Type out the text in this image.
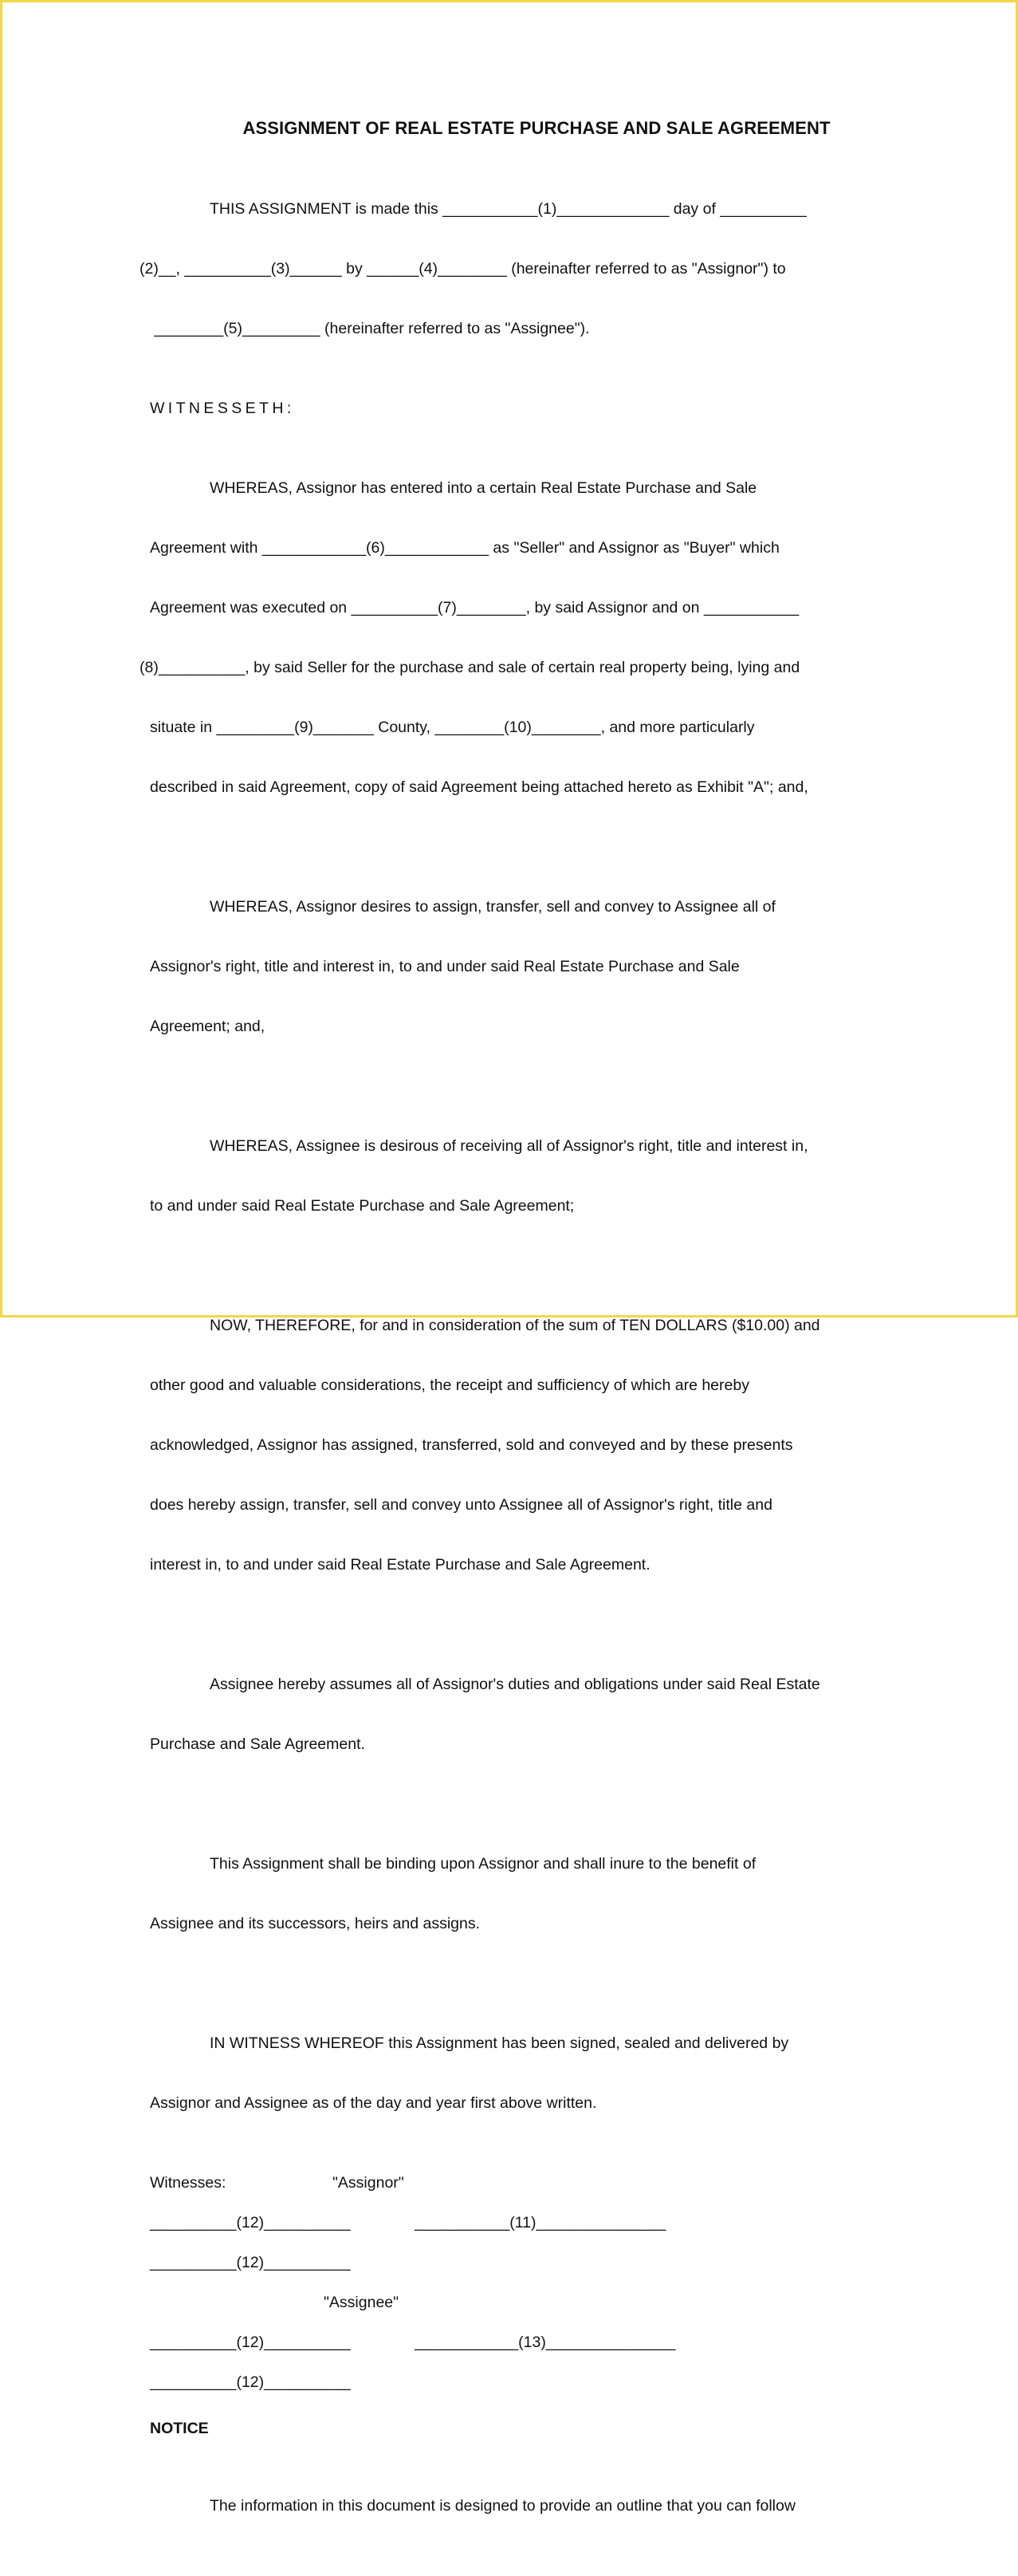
ASSIGNMENT OF REAL ESTATE PURCHASE AND SALE AGREEMENT

THIS ASSIGNMENT is made this ___________(1)_____________ day of __________

(2)__, __________(3)______ by ______(4)________ (hereinafter referred to as "Assignor") to

________(5)_________ (hereinafter referred to as "Assignee").

WITNESSETH:

WHEREAS, Assignor has entered into a certain Real Estate Purchase and Sale

Agreement with ____________(6)____________ as "Seller" and Assignor as "Buyer" which

Agreement was executed on __________(7)________, by said Assignor and on ___________

(8)__________, by said Seller for the purchase and sale of certain real property being, lying and

situate in _________(9)_______ County, ________(10)________, and more particularly

described in said Agreement, copy of said Agreement being attached hereto as Exhibit "A"; and,

WHEREAS, Assignor desires to assign, transfer, sell and convey to Assignee all of

Assignor's right, title and interest in, to and under said Real Estate Purchase and Sale

Agreement; and,

WHEREAS, Assignee is desirous of receiving all of Assignor's right, title and interest in,

to and under said Real Estate Purchase and Sale Agreement;

NOW, THEREFORE, for and in consideration of the sum of TEN DOLLARS ($10.00) and

other good and valuable considerations, the receipt and sufficiency of which are hereby

acknowledged, Assignor has assigned, transferred, sold and conveyed and by these presents

does hereby assign, transfer, sell and convey unto Assignee all of Assignor's right, title and

interest in, to and under said Real Estate Purchase and Sale Agreement.

Assignee hereby assumes all of Assignor's duties and obligations under said Real Estate

Purchase and Sale Agreement.

This Assignment shall be binding upon Assignor and shall inure to the benefit of

Assignee and its successors, heirs and assigns.

IN WITNESS WHEREOF this Assignment has been signed, sealed and delivered by

Assignor and Assignee as of the day and year first above written.

Witnesses:

	"Assignor"

__________(12)__________

	___________(11)_______________

__________(12)__________

"Assignee"

__________(12)__________

	____________(13)_______________

__________(12)__________

NOTICE

The information in this document is designed to provide an outline that you can follow
